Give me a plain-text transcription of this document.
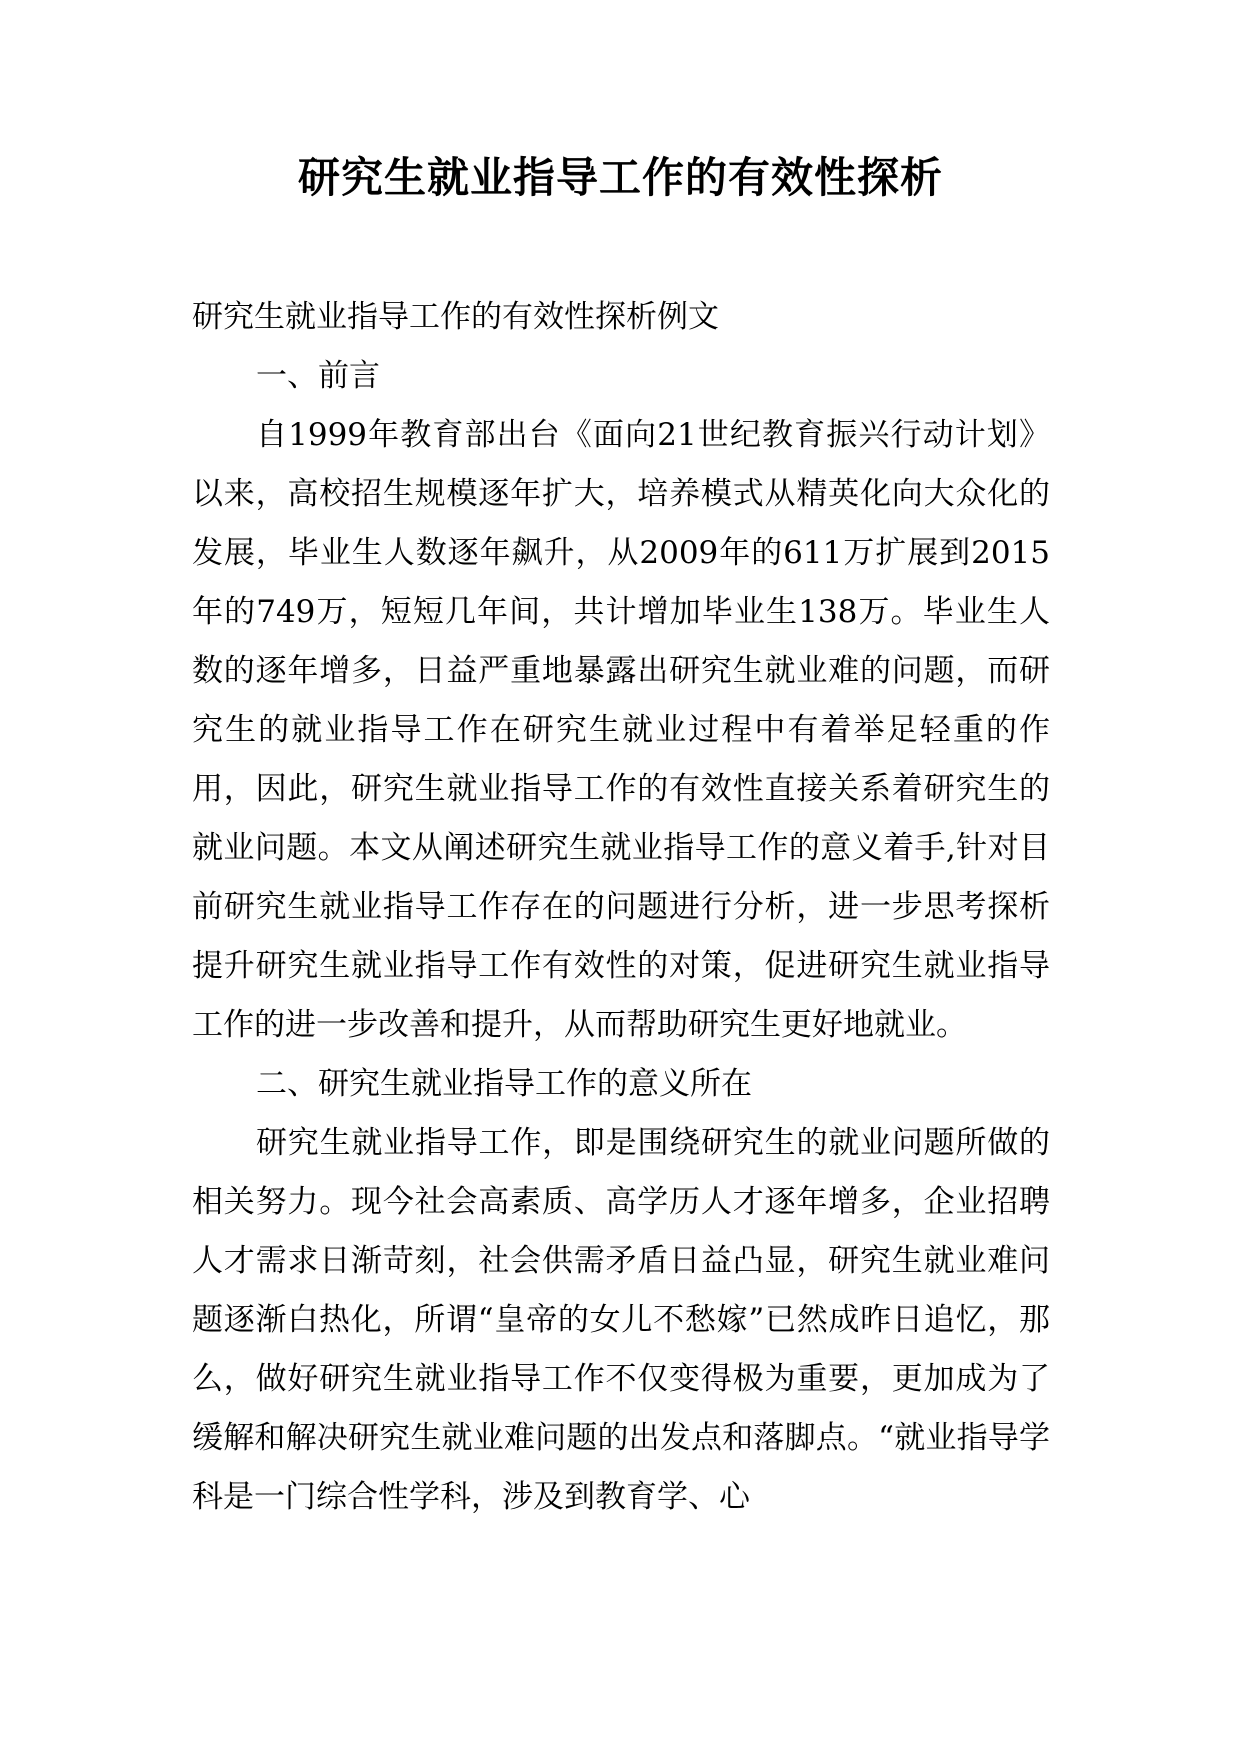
研究生就业指导工作的有效性探析

研究生就业指导工作的有效性探析例文

一、前言

自1999年教育部出台《面向21世纪教育振兴行动计划》以来，高校招生规模逐年扩大，培养模式从精英化向大众化的发展，毕业生人数逐年飙升，从2009年的611万扩展到2015年的749万，短短几年间，共计增加毕业生138万。毕业生人数的逐年增多，日益严重地暴露出研究生就业难的问题，而研究生的就业指导工作在研究生就业过程中有着举足轻重的作用，因此，研究生就业指导工作的有效性直接关系着研究生的就业问题。本文从阐述研究生就业指导工作的意义着手,针对目前研究生就业指导工作存在的问题进行分析，进一步思考探析提升研究生就业指导工作有效性的对策，促进研究生就业指导工作的进一步改善和提升，从而帮助研究生更好地就业。

二、研究生就业指导工作的意义所在

研究生就业指导工作，即是围绕研究生的就业问题所做的相关努力。现今社会高素质、高学历人才逐年增多，企业招聘人才需求日渐苛刻，社会供需矛盾日益凸显，研究生就业难问题逐渐白热化，所谓“皇帝的女儿不愁嫁”已然成昨日追忆，那么，做好研究生就业指导工作不仅变得极为重要，更加成为了缓解和解决研究生就业难问题的出发点和落脚点。“就业指导学科是一门综合性学科，涉及到教育学、心
